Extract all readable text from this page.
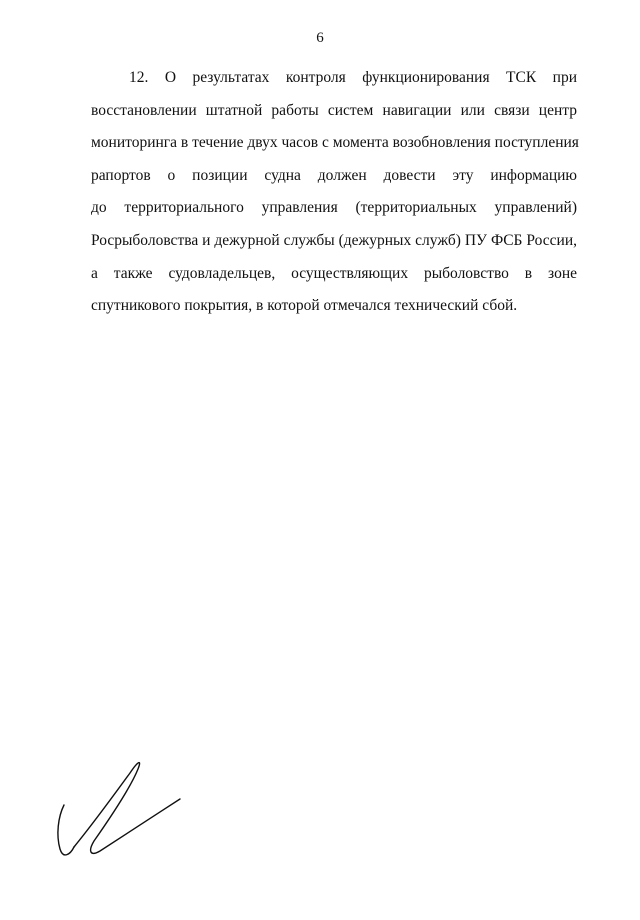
6
12. О результатах контроля функционирования ТСК при
восстановлении штатной работы систем навигации или связи центр
мониторинга в течение двух часов с момента возобновления поступления
рапортов о позиции судна должен довести эту информацию
до территориального управления (территориальных управлений)
Росрыболовства и дежурной службы (дежурных служб) ПУ ФСБ России,
а также судовладельцев, осуществляющих рыболовство в зоне
спутникового покрытия, в которой отмечался технический сбой.
